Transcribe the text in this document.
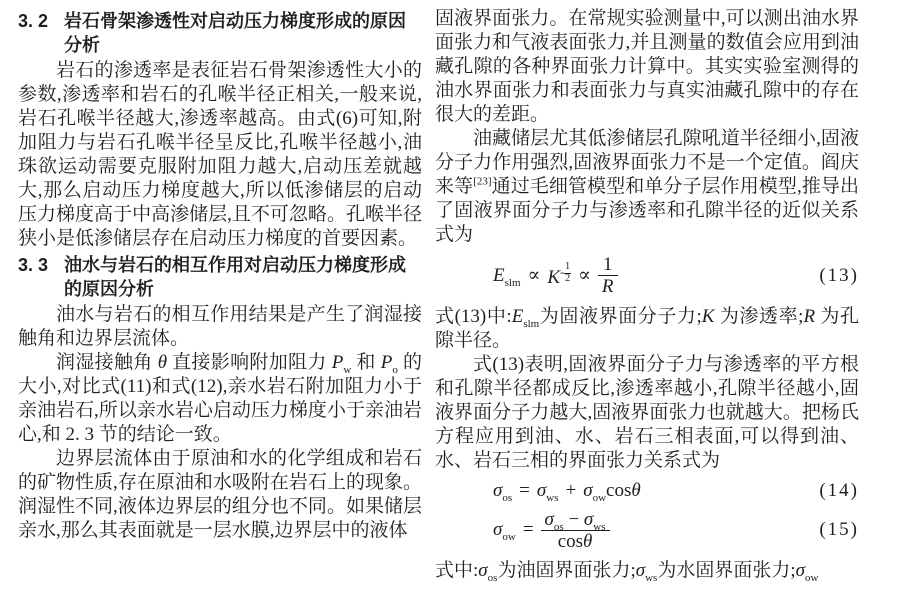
3. 2 岩石骨架渗透性对启动压力梯度形成的原因分析

岩石的渗透率是表征岩石骨架渗透性大小的参数,渗透率和岩石的孔喉半径正相关,一般来说,岩石孔喉半径越大,渗透率越高。由式(6)可知,附加阻力与岩石孔喉半径呈反比,孔喉半径越小,油珠欲运动需要克服附加阻力越大,启动压差就越大,那么启动压力梯度越大,所以低渗储层的启动压力梯度高于中高渗储层,且不可忽略。孔喉半径狭小是低渗储层存在启动压力梯度的首要因素。

3. 3 油水与岩石的相互作用对启动压力梯度形成的原因分析

油水与岩石的相互作用结果是产生了润湿接触角和边界层流体。

润湿接触角 θ 直接影响附加阻力 $P_w$ 和 $P_o$ 的大小,对比式(11)和式(12),亲水岩石附加阻力小于亲油岩石,所以亲水岩心启动压力梯度小于亲油岩心,和 2. 3 节的结论一致。

边界层流体由于原油和水的化学组成和岩石的矿物性质,存在原油和水吸附在岩石上的现象。润湿性不同,液体边界层的组分也不同。如果储层亲水,那么其表面就是一层水膜,边界层中的液体

固液界面张力。在常规实验测量中,可以测出油水界面张力和气液表面张力,并且测量的数值会应用到油藏孔隙的各种界面张力计算中。其实实验室测得的油水界面张力和表面张力与真实油藏孔隙中的存在很大的差距。

油藏储层尤其低渗储层孔隙吼道半径细小,固液分子力作用强烈,固液界面张力不是一个定值。阎庆来等[23]通过毛细管模型和单分子层作用模型,推导出了固液界面分子力与渗透率和孔隙半径的近似关系式为

$E_{slm} \propto K^{- \frac{1}{2}} \propto \frac{1}{R}$	(13)

式(13)中$:E_{slm}$为固液界面分子力;K 为渗透率;R 为孔隙半径。

式(13)表明,固液界面分子力与渗透率的平方根和孔隙半径都成反比,渗透率越小,孔隙半径越小,固液界面分子力越大,固液界面张力也就越大。把杨氏方程应用到油、水、岩石三相表面,可以得到油、水、岩石三相的界面张力关系式为

$\sigma_{os} = \sigma_{ws} + \sigma_{ow}\cos\theta$	(14)
$\sigma_{ow} = \frac{\sigma_{os} - \sigma_{ws}}{\cos\theta}$	(15)

式中$:\sigma_{os}$为油固界面张力$;\sigma_{ws}$为水固界面张力$;\sigma_{ow}$
